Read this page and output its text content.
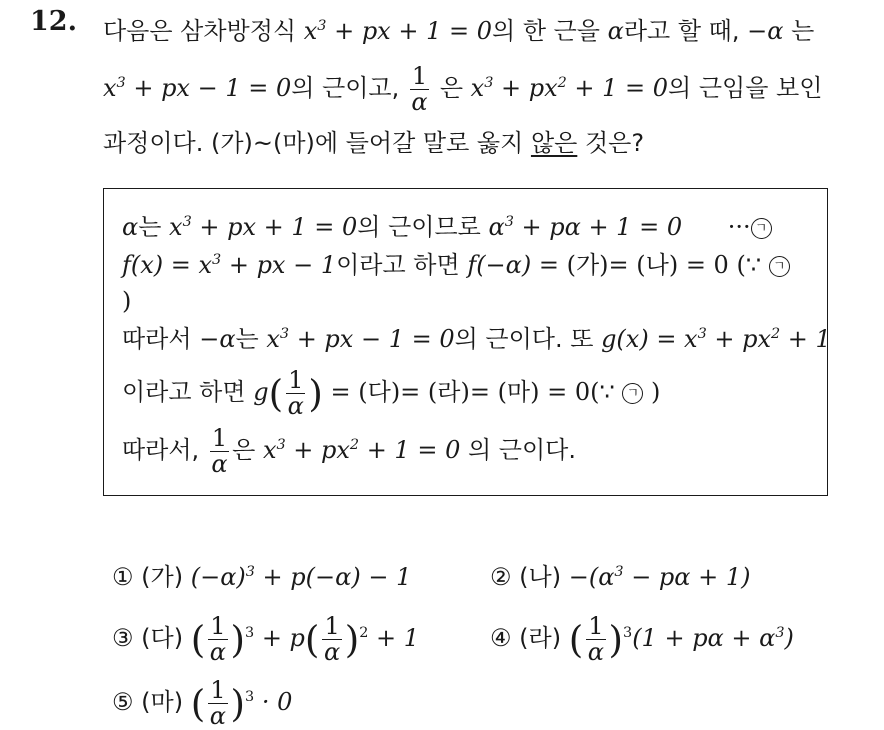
12. 다음은 삼차방정식 $x^3$ + px + 1 = 0의 한 근을 α라고 할 때, −α 는
$x^3$ + px − 1 = 0의 근이고, $\frac{1}{\alpha}$ 은 $x^3 + px^2 + 1 = 0$의 근임을 보인
과정이다. (가)~(마)에 들어갈 말로 옳지 않은 것은?
α는 $x^3$ + px + 1 = 0의 근이므로 $\alpha^3 + p\alpha + 1 = 0$ ··· ㄱ
$f(x) = x^3$ + px − 1이라고 하면 f(−α) = (가)= (나) = 0 (∵ ㄱ
)
따라서 −α는 $x^3$ + px − 1 = 0의 근이다. 또 $g(x) = x^3 + px^2 + 1$
이라고 하면 $g( \frac{1}{\alpha}$ ) = (다)= (라)= (마) = 0(∵ ㄱ )
따라서, $\frac{1}{\alpha}$ 은 $x^3 + px^2 + 1 = 0$ 의 근이다.
① (가) $(-\alpha)^3 + p(-\alpha) - 1$	② (나) $-(\alpha^3 - p\alpha + 1)$
③ (다) ( $\frac{1}{\alpha} )^3 + p( \frac{1}{\alpha} )^2 + 1$	④ (라) ( $\frac{1}{\alpha} )^3(1 + p\alpha + \alpha^3)$
⑤ (마) ( $\frac{1}{\alpha} )^3 \cdot 0$
